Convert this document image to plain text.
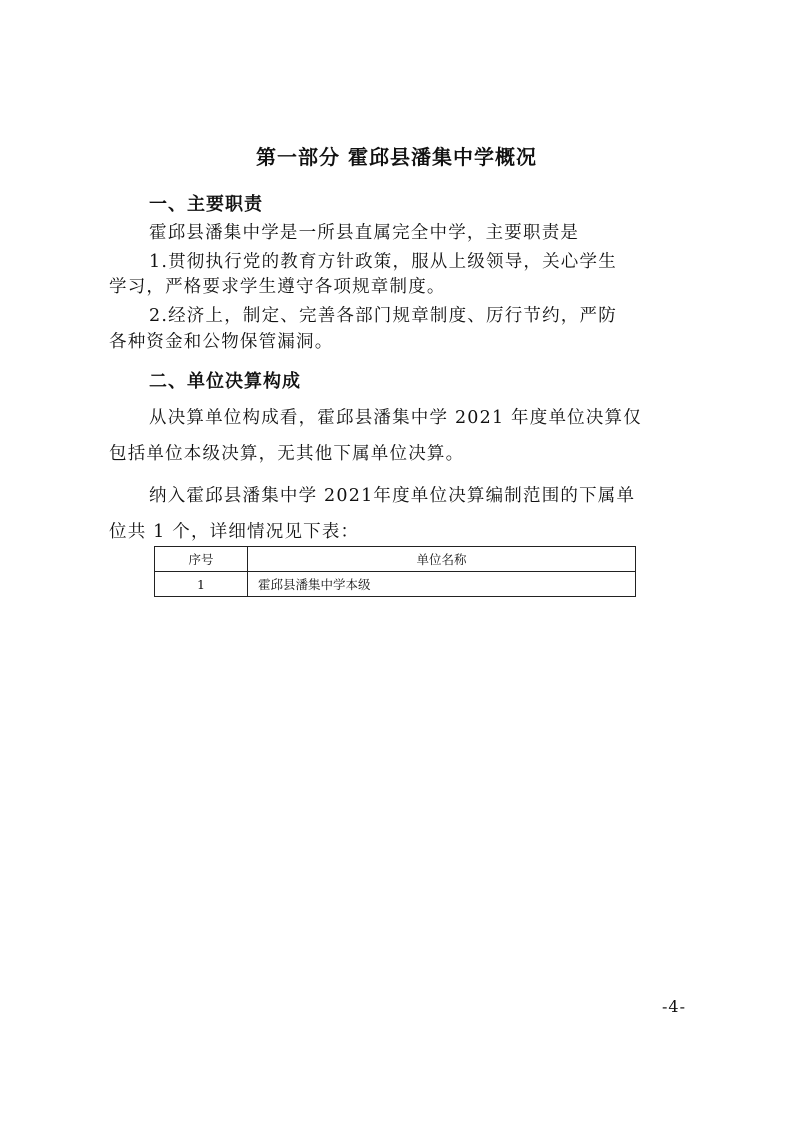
第一部分 霍邱县潘集中学概况
一、主要职责
霍邱县潘集中学是一所县直属完全中学，主要职责是
1.贯彻执行党的教育方针政策，服从上级领导，关心学生
学习，严格要求学生遵守各项规章制度。
2.经济上，制定、完善各部门规章制度、厉行节约，严防
各种资金和公物保管漏洞。
二、单位决算构成
从决算单位构成看，霍邱县潘集中学 2021 年度单位决算仅
包括单位本级决算，无其他下属单位决算。
纳入霍邱县潘集中学 2021年度单位决算编制范围的下属单
位共 1 个，详细情况见下表：
序号	单位名称
1	霍邱县潘集中学本级
-4-
